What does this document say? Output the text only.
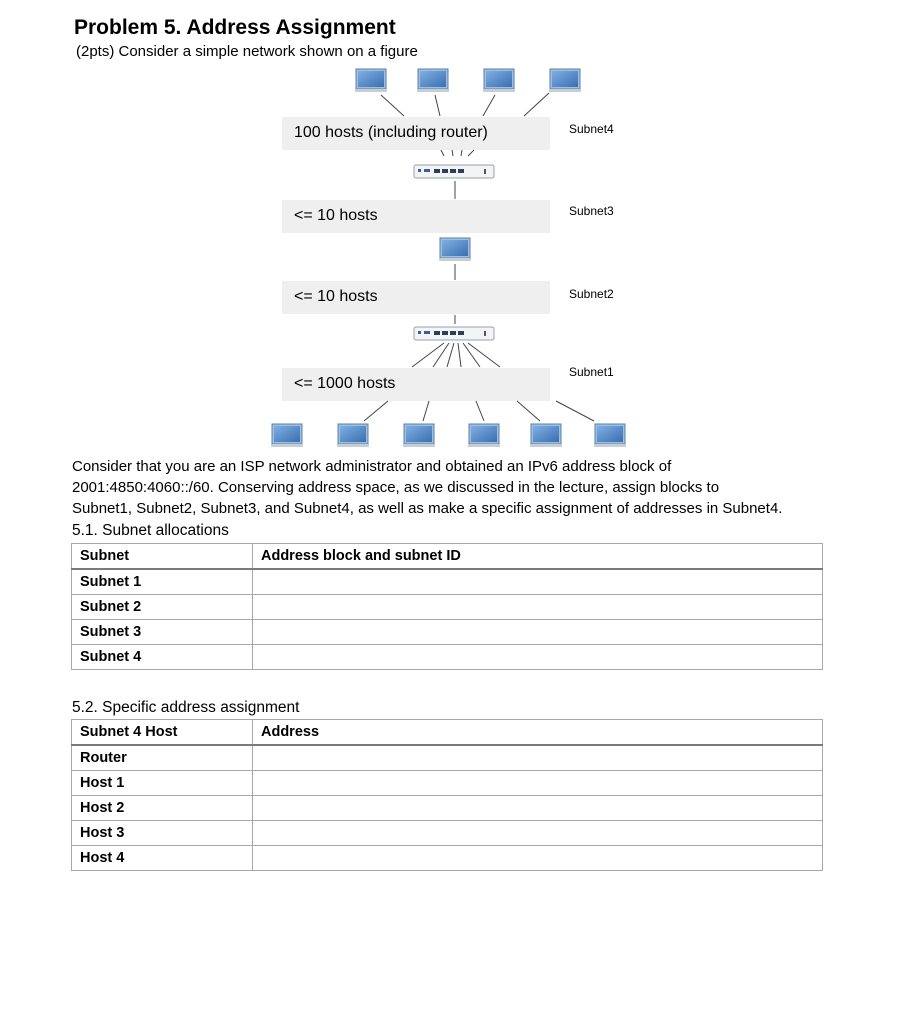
Problem 5. Address Assignment
(2pts) Consider a simple network shown on a figure
100 hosts (including router)
<= 10 hosts
<= 10 hosts
<= 1000 hosts
Subnet4
Subnet3
Subnet2
Subnet1
Consider that you are an ISP network administrator and obtained an IPv6 address block of
2001:4850:4060::/60. Conserving address space, as we discussed in the lecture, assign blocks to
Subnet1, Subnet2, Subnet3, and Subnet4, as well as make a specific assignment of addresses in Subnet4.
5.1. Subnet allocations
Subnet	Address block and subnet ID
Subnet 1	
Subnet 2	
Subnet 3	
Subnet 4	
5.2. Specific address assignment
Subnet 4 Host	Address
Router	
Host 1	
Host 2	
Host 3	
Host 4	
